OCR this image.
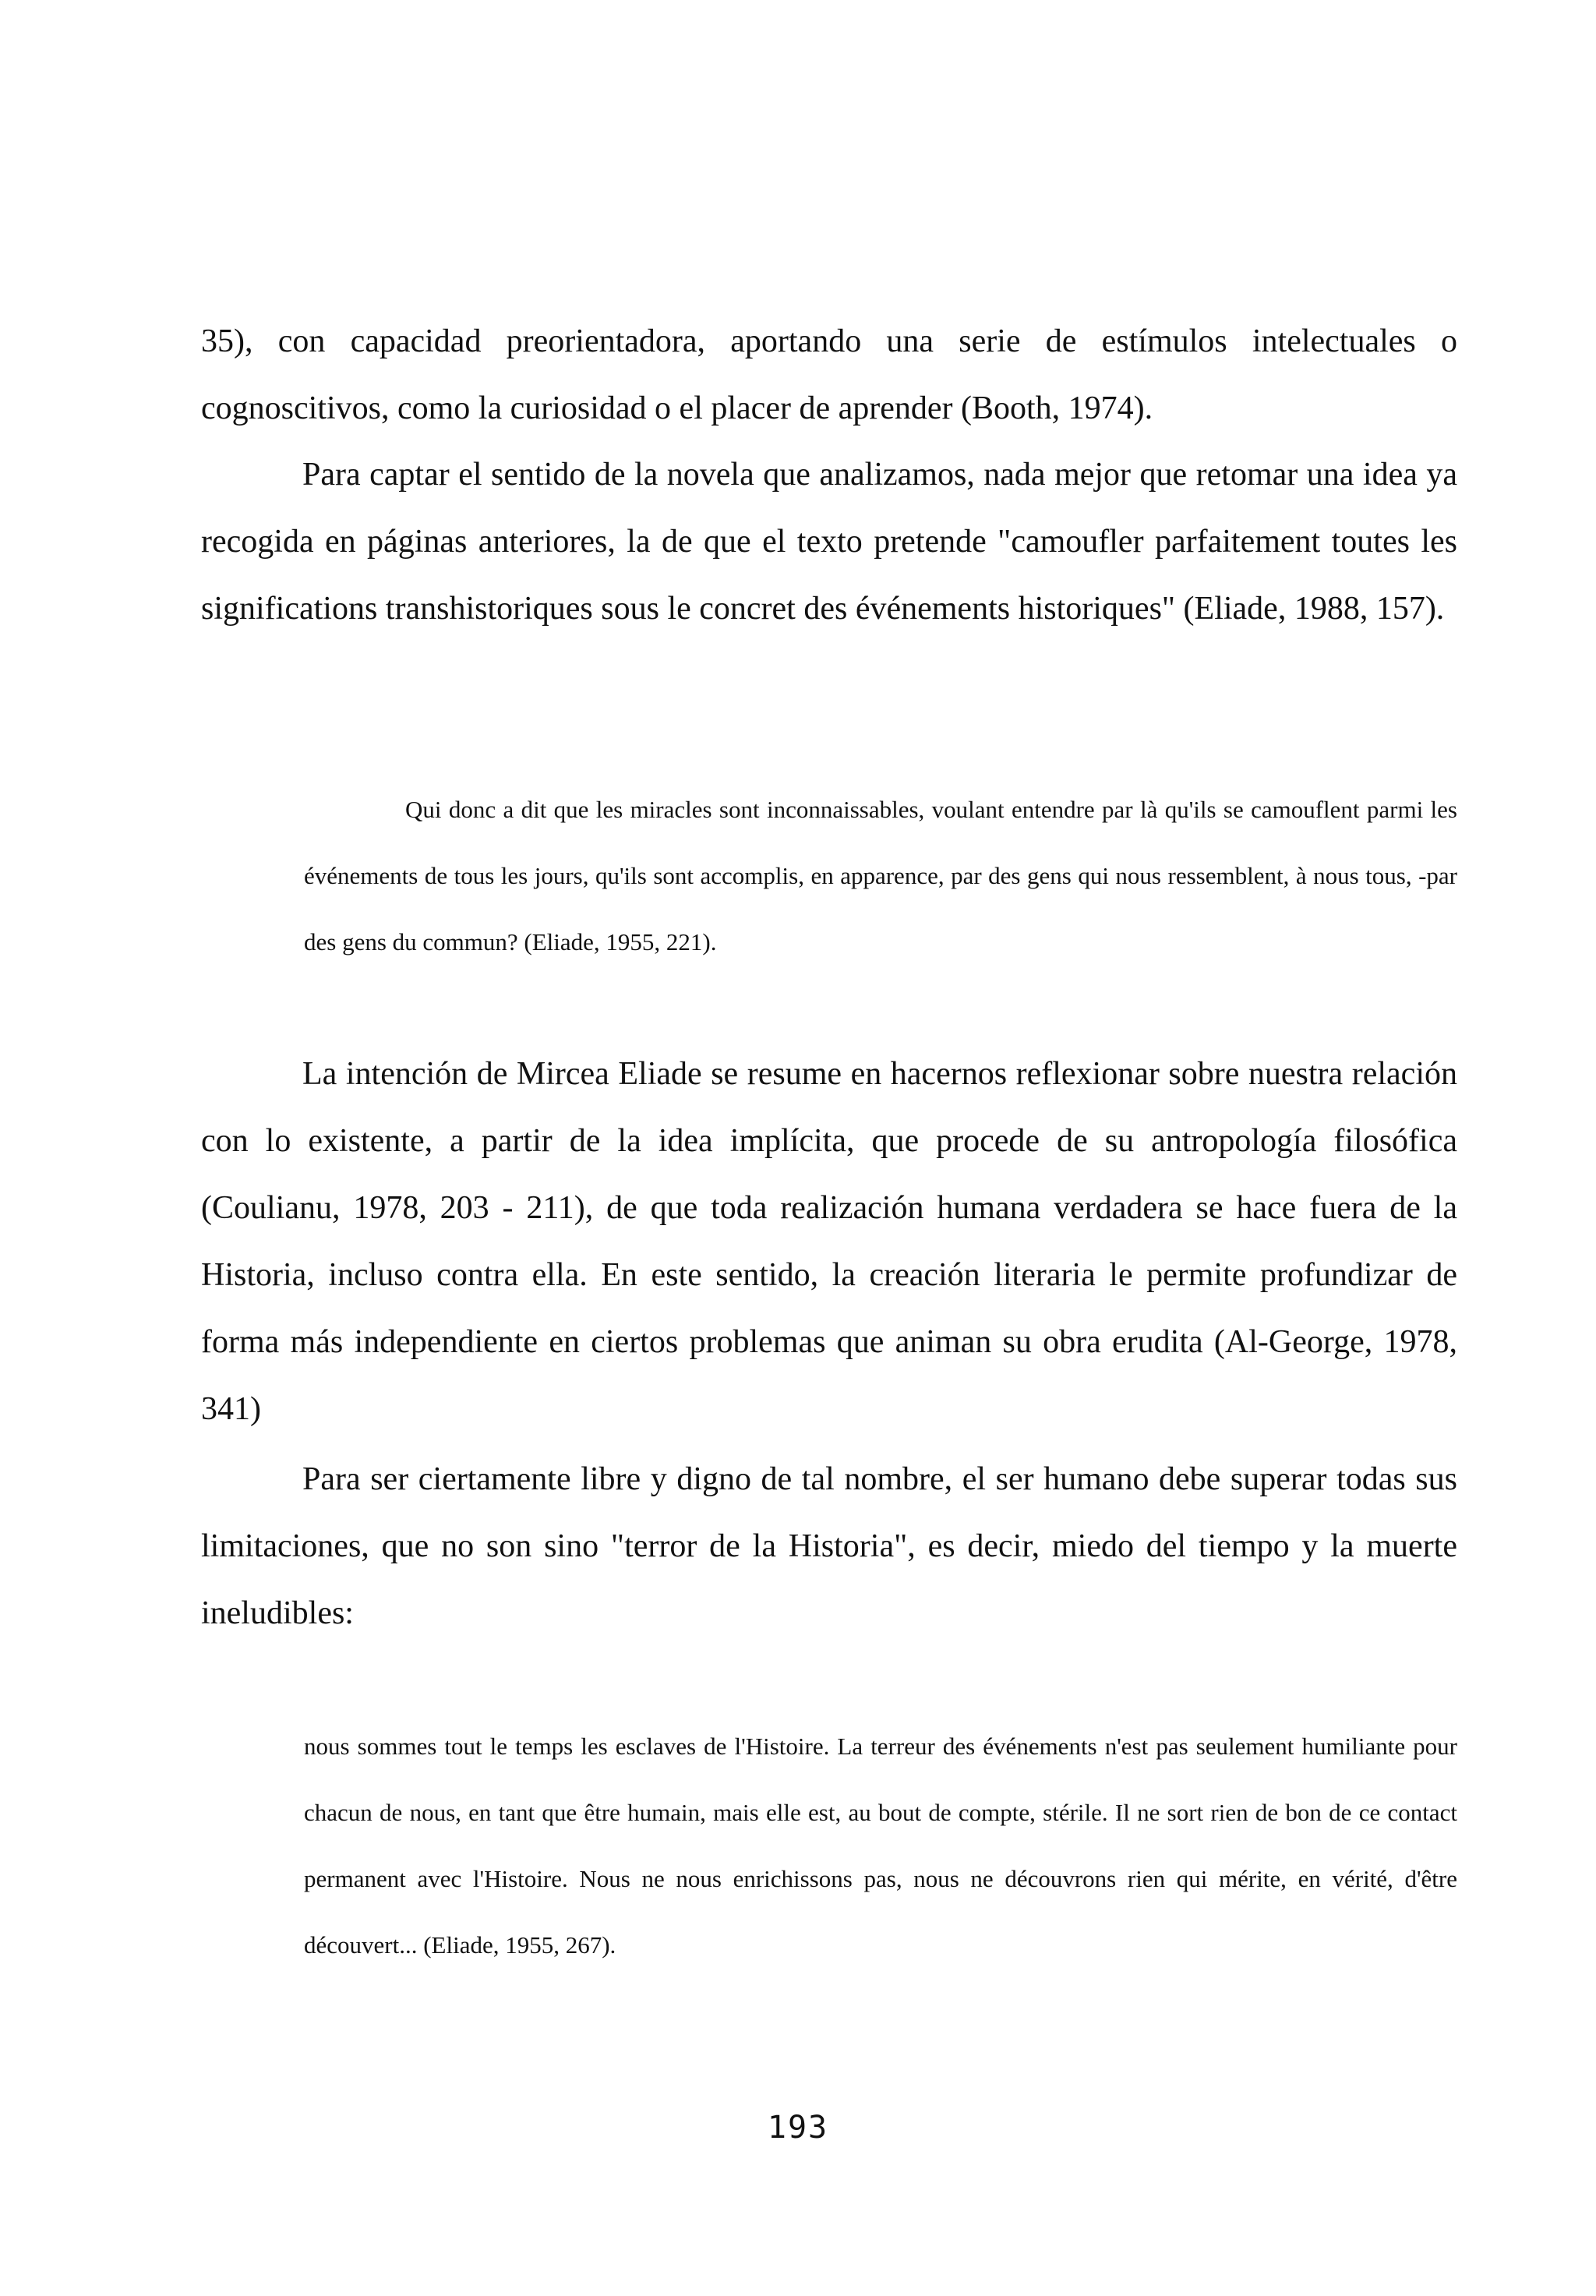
35), con capacidad preorientadora, aportando una serie de estímulos intelectuales o cognoscitivos, como la curiosidad o el placer de aprender (Booth, 1974).

Para captar el sentido de la novela que analizamos, nada mejor que retomar una idea ya recogida en páginas anteriores, la de que el texto pretende "camoufler parfaitement toutes les significations transhistoriques sous le concret des événements historiques" (Eliade, 1988, 157).

Qui donc a dit que les miracles sont inconnaissables, voulant entendre par là qu'ils se camouflent parmi les événements de tous les jours, qu'ils sont accomplis, en apparence, par des gens qui nous ressemblent, à nous tous, -par des gens du commun? (Eliade, 1955, 221).

La intención de Mircea Eliade se resume en hacernos reflexionar sobre nuestra relación con lo existente, a partir de la idea implícita, que procede de su antropología filosófica (Coulianu, 1978, 203 - 211), de que toda realización humana verdadera se hace fuera de la Historia, incluso contra ella. En este sentido, la creación literaria le permite profundizar de forma más independiente en ciertos problemas que animan su obra erudita (Al-George, 1978, 341)

Para ser ciertamente libre y digno de tal nombre, el ser humano debe superar todas sus limitaciones, que no son sino "terror de la Historia", es decir, miedo del tiempo y la muerte ineludibles:

nous sommes tout le temps les esclaves de l'Histoire. La terreur des événements n'est pas seulement humiliante pour chacun de nous, en tant que être humain, mais elle est, au bout de compte, stérile. Il ne sort rien de bon de ce contact permanent avec l'Histoire. Nous ne nous enrichissons pas, nous ne découvrons rien qui mérite, en vérité, d'être découvert... (Eliade, 1955, 267).

193
